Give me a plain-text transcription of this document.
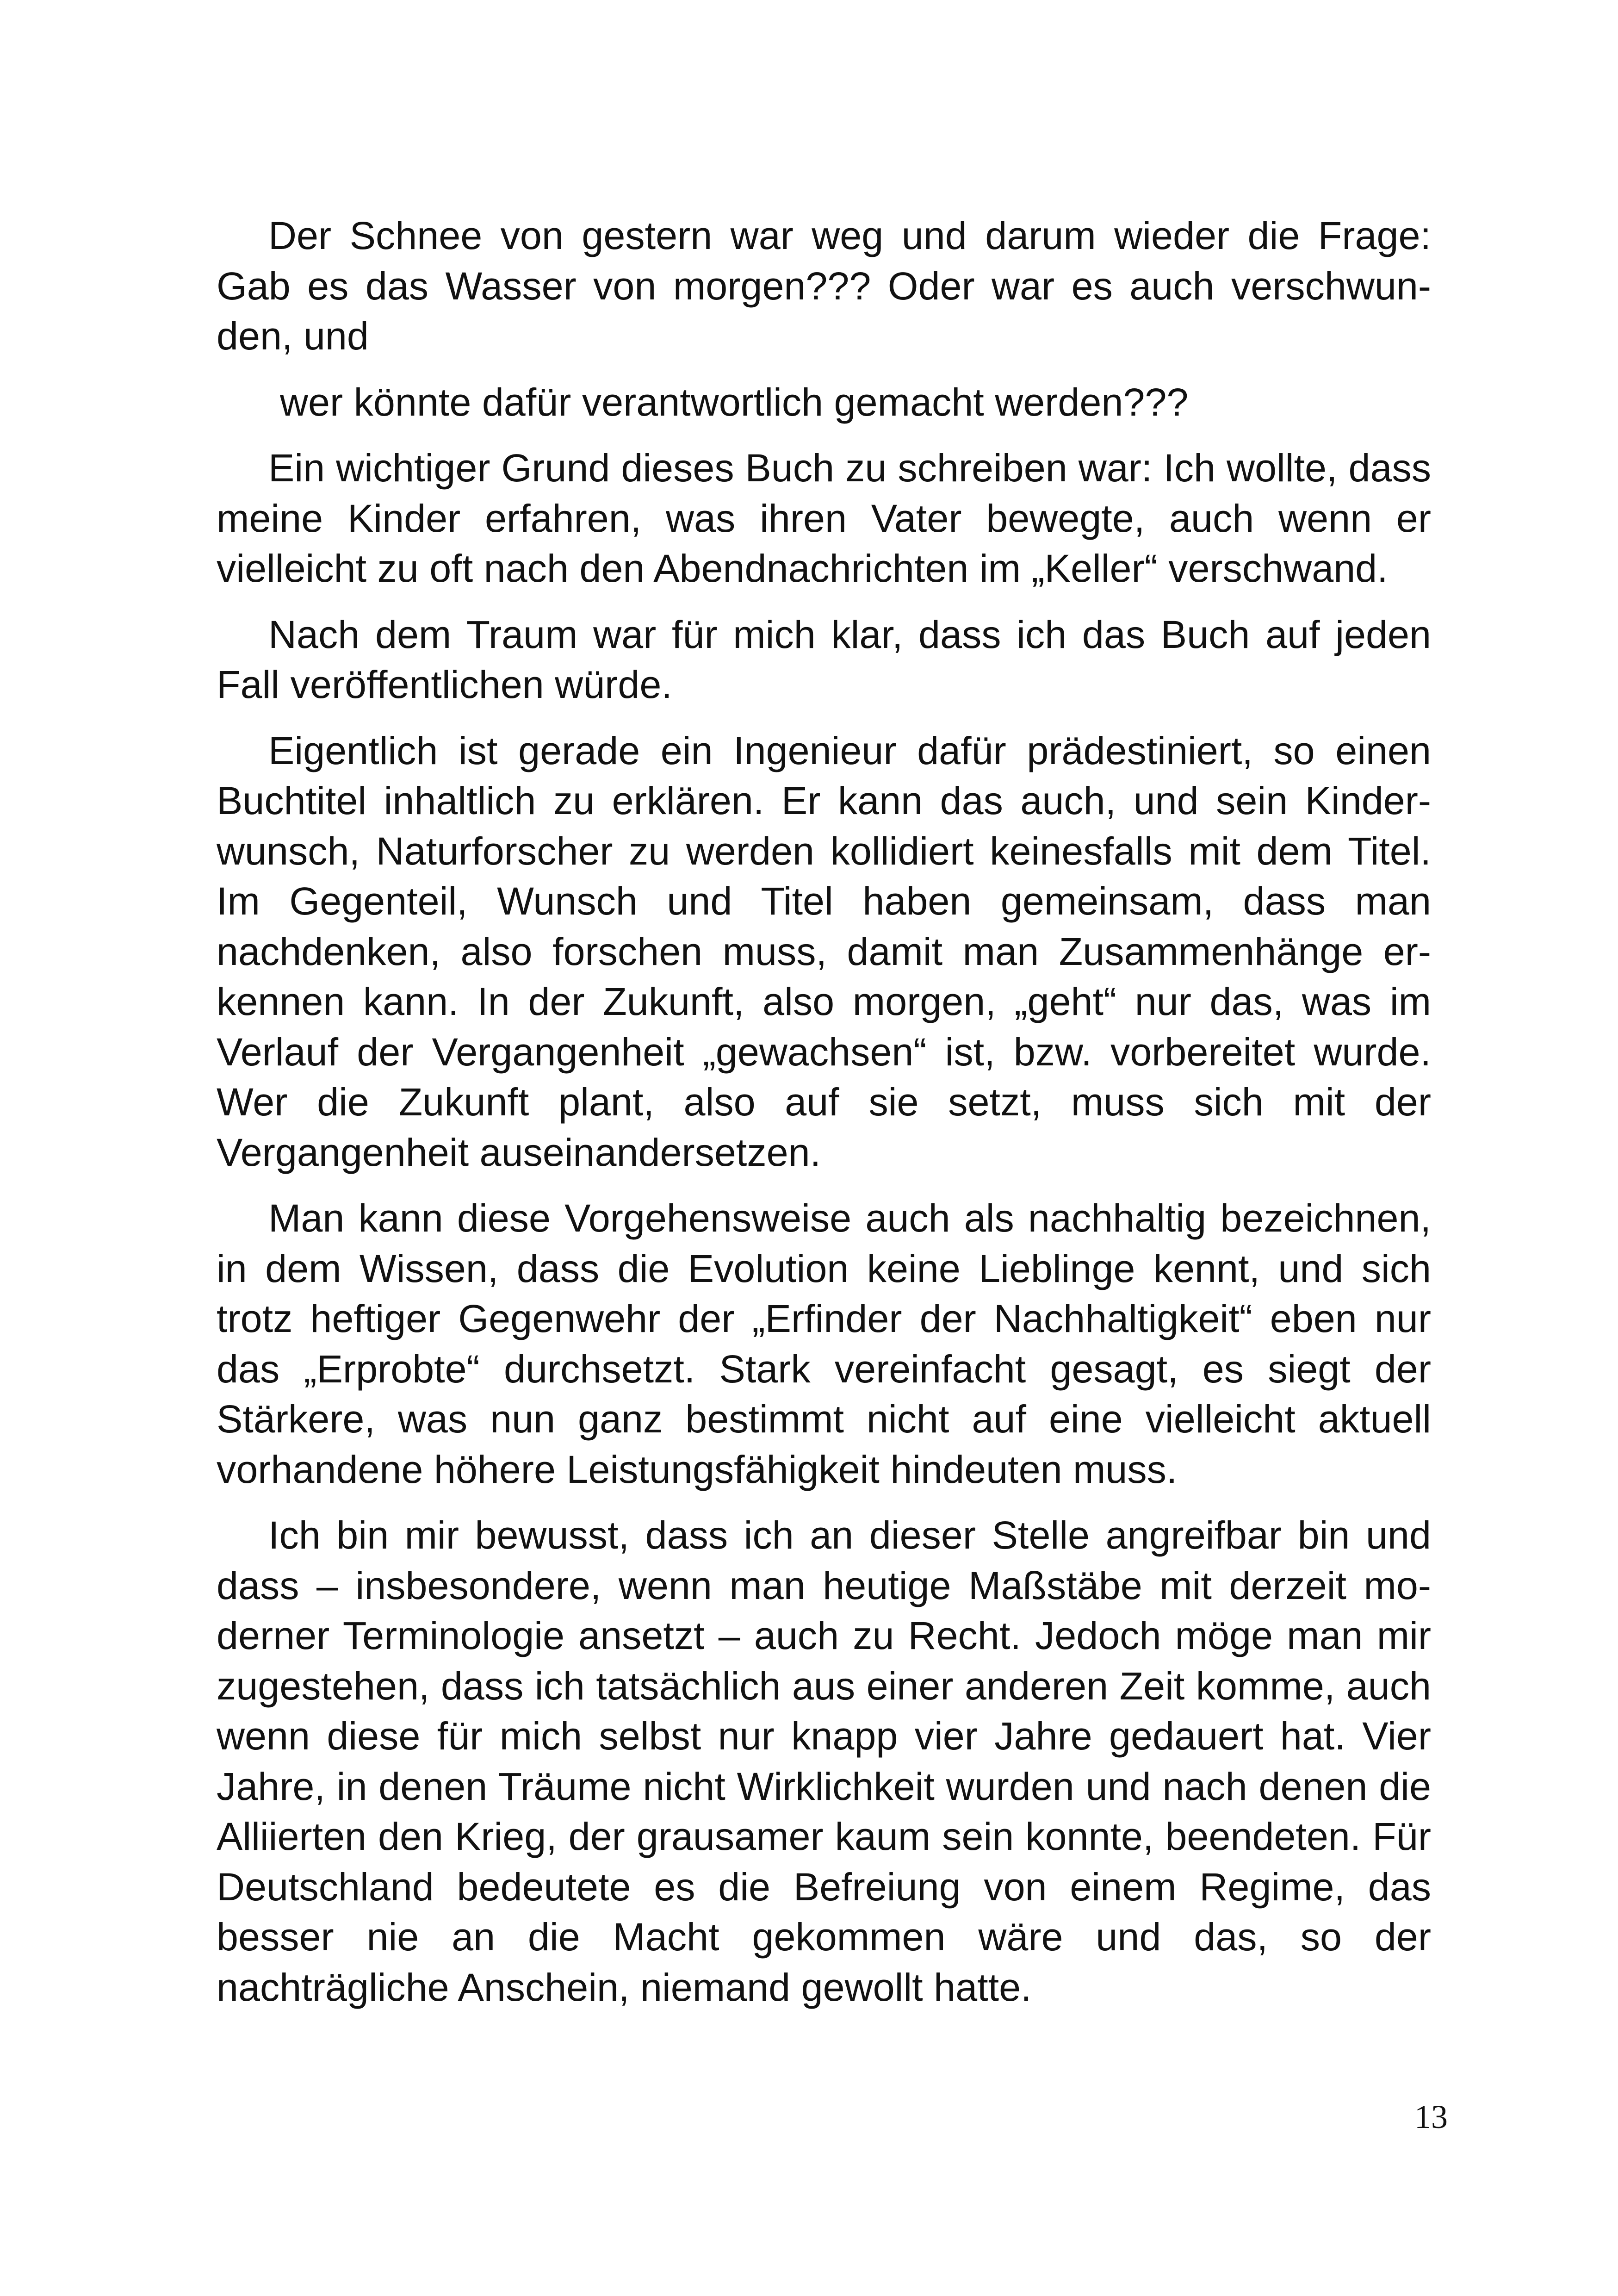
Der Schnee von gestern war weg und darum wieder die Frage: Gab es das Wasser von morgen??? Oder war es auch verschwunden, und

wer könnte dafür verantwortlich gemacht werden???

Ein wichtiger Grund dieses Buch zu schreiben war: Ich wollte, dass meine Kinder erfahren, was ihren Vater bewegte, auch wenn er vielleicht zu oft nach den Abendnachrichten im „Keller“ verschwand.

Nach dem Traum war für mich klar, dass ich das Buch auf jeden Fall veröffentlichen würde.

Eigentlich ist gerade ein Ingenieur dafür prädestiniert, so einen Buchtitel inhaltlich zu erklären. Er kann das auch, und sein Kinderwunsch, Naturforscher zu werden kollidiert keinesfalls mit dem Titel. Im Gegenteil, Wunsch und Titel haben gemeinsam, dass man nachdenken, also forschen muss, damit man Zusammenhänge erkennen kann. In der Zukunft, also morgen, „geht“ nur das, was im Verlauf der Vergangenheit „gewachsen“ ist, bzw. vorbereitet wurde. Wer die Zukunft plant, also auf sie setzt, muss sich mit der Vergangenheit auseinandersetzen.

Man kann diese Vorgehensweise auch als nachhaltig bezeichnen, in dem Wissen, dass die Evolution keine Lieblinge kennt, und sich trotz heftiger Gegenwehr der „Erfinder der Nachhaltigkeit“ eben nur das „Erprobte“ durchsetzt. Stark vereinfacht gesagt, es siegt der Stärkere, was nun ganz bestimmt nicht auf eine vielleicht aktuell vorhandene höhere Leistungsfähigkeit hindeuten muss.

Ich bin mir bewusst, dass ich an dieser Stelle angreifbar bin und dass – insbesondere, wenn man heutige Maßstäbe mit derzeit moderner Terminologie ansetzt – auch zu Recht. Jedoch möge man mir zugestehen, dass ich tatsächlich aus einer anderen Zeit komme, auch wenn diese für mich selbst nur knapp vier Jahre gedauert hat. Vier Jahre, in denen Träume nicht Wirklichkeit wurden und nach denen die Alliierten den Krieg, der grausamer kaum sein konnte, beendeten. Für Deutschland bedeutete es die Befreiung von einem Regime, das besser nie an die Macht gekommen wäre und das, so der nachträgliche Anschein, niemand gewollt hatte.

13
